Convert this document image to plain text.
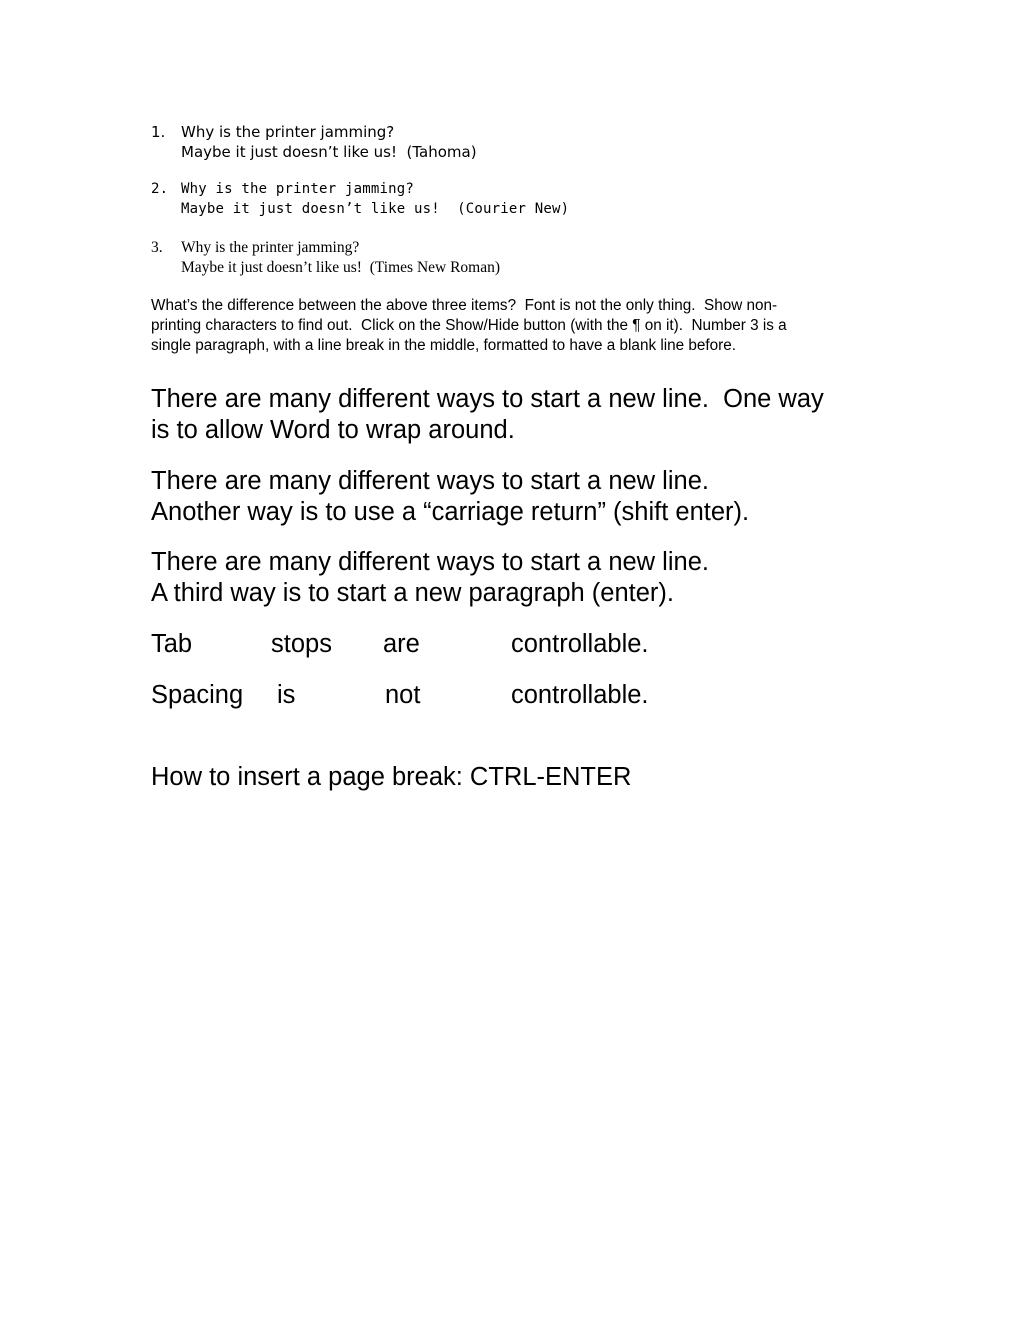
1. Why is the printer jamming?
Maybe it just doesn’t like us!  (Tahoma)
2. Why is the printer jamming?
Maybe it just doesn’t like us!  (Courier New)
3. Why is the printer jamming?
Maybe it just doesn’t like us!  (Times New Roman)
What’s the difference between the above three items?  Font is not the only thing.  Show non-
printing characters to find out.  Click on the Show/Hide button (with the ¶ on it).  Number 3 is a
single paragraph, with a line break in the middle, formatted to have a blank line before.
There are many different ways to start a new line.  One way
is to allow Word to wrap around.
There are many different ways to start a new line.
Another way is to use a “carriage return” (shift enter).
There are many different ways to start a new line.
A third way is to start a new paragraph (enter).
Tab	stops are	controllable.
Spacing is	not	controllable.
How to insert a page break: CTRL-ENTER
